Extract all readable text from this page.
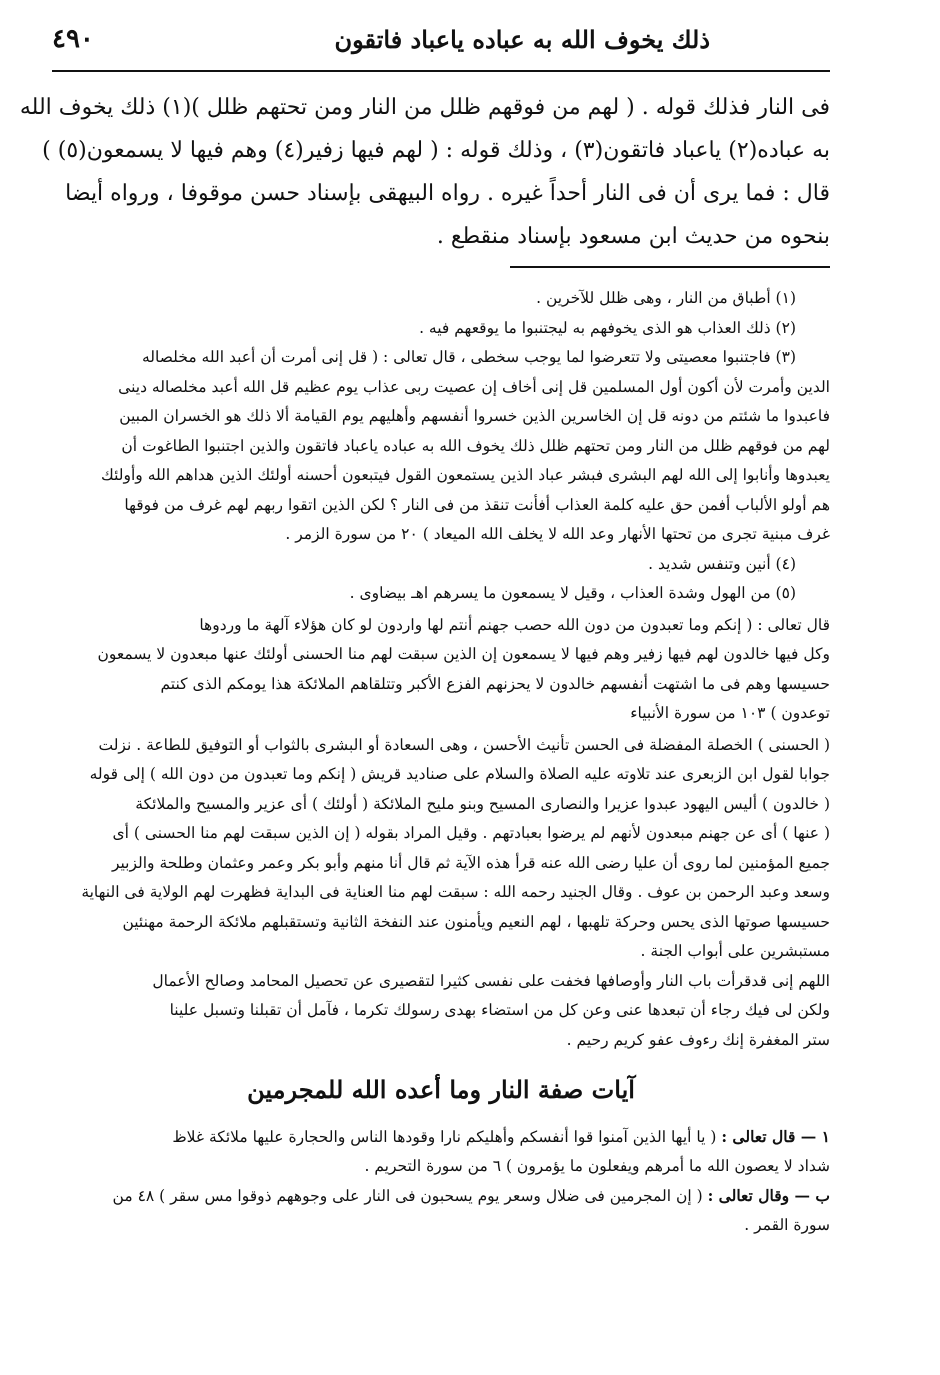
ذلك يخوف الله به عباده ياعباد فاتقون
٤٩٠
فى النار فذلك قوله . ( لهم من فوقهم ظلل من النار ومن تحتهم ظلل )(١) ذلك يخوف الله
به عباده(٢) ياعباد فاتقون(٣) ، وذلك قوله : ( لهم فيها زفير(٤) وهم فيها لا يسمعون(٥) )
قال : فما يرى أن فى النار أحداً غيره . رواه البيهقى بإسناد حسن موقوفا ، ورواه أيضا
بنحوه من حديث ابن مسعود بإسناد منقطع .

(١) أطباق من النار ، وهى ظلل للآخرين .

(٢) ذلك العذاب هو الذى يخوفهم به ليجتنبوا ما يوقعهم فيه .

(٣) فاجتنبوا معصيتى ولا تتعرضوا لما يوجب سخطى ، قال تعالى : ( قل إنى أمرت أن أعبد الله مخلصاله
الدين وأمرت لأن أكون أول المسلمين قل إنى أخاف إن عصيت ربى عذاب يوم عظيم قل الله أعبد مخلصاله دينى
فاعبدوا ما شئتم من دونه قل إن الخاسرين الذين خسروا أنفسهم وأهليهم يوم القيامة ألا ذلك هو الخسران المبين
لهم من فوقهم ظلل من النار ومن تحتهم ظلل ذلك يخوف الله به عباده ياعباد فاتقون والذين اجتنبوا الطاغوت أن
يعبدوها وأنابوا إلى الله لهم البشرى فبشر عباد الذين يستمعون القول فيتبعون أحسنه أولئك الذين هداهم الله وأولئك
هم أولو الألباب أفمن حق عليه كلمة العذاب أفأنت تنقذ من فى النار ؟ لكن الذين اتقوا ربهم لهم غرف من فوقها
غرف مبنية تجرى من تحتها الأنهار وعد الله لا يخلف الله الميعاد ) ٢٠ من سورة الزمر .

(٤) أنين وتنفس شديد .

(٥) من الهول وشدة العذاب ، وقيل لا يسمعون ما يسرهم اهـ بيضاوى .

قال تعالى : ( إنكم وما تعبدون من دون الله حصب جهنم أنتم لها واردون لو كان هؤلاء آلهة ما وردوها
وكل فيها خالدون لهم فيها زفير وهم فيها لا يسمعون إن الذين سبقت لهم منا الحسنى أولئك عنها مبعدون لا يسمعون
حسيسها وهم فى ما اشتهت أنفسهم خالدون لا يحزنهم الفزع الأكبر وتتلقاهم الملائكة هذا يومكم الذى كنتم
توعدون ) ١٠٣ من سورة الأنبياء
( الحسنى ) الخصلة المفضلة فى الحسن تأنيث الأحسن ، وهى السعادة أو البشرى بالثواب أو التوفيق للطاعة . نزلت
جوابا لقول ابن الزبعرى عند تلاوته عليه الصلاة والسلام على صناديد قريش ( إنكم وما تعبدون من دون الله ) إلى قوله
( خالدون ) أليس اليهود عبدوا عزيرا والنصارى المسيح وبنو مليح الملائكة ( أولئك ) أى عزير والمسيح والملائكة
( عنها ) أى عن جهنم مبعدون لأنهم لم يرضوا بعبادتهم . وقيل المراد بقوله ( إن الذين سبقت لهم منا الحسنى ) أى
جميع المؤمنين لما روى أن عليا رضى الله عنه قرأ هذه الآية ثم قال أنا منهم وأبو بكر وعمر وعثمان وطلحة والزبير
وسعد وعبد الرحمن بن عوف . وقال الجنيد رحمه الله : سبقت لهم منا العناية فى البداية فظهرت لهم الولاية فى النهاية
حسيسها صوتها الذى يحس وحركة تلهبها ، لهم النعيم ويأمنون عند النفخة الثانية وتستقبلهم ملائكة الرحمة مهنئين
مستبشرين على أبواب الجنة .
اللهم إنى قدقرأت باب النار وأوصافها فخفت على نفسى كثيرا لتقصيرى عن تحصيل المحامد وصالح الأعمال
ولكن لى فيك رجاء أن تبعدها عنى وعن كل من استضاء بهدى رسولك تكرما ، فآمل أن تقبلنا وتسبل علينا
ستر المغفرة إنك رءوف عفو كريم رحيم .
آيات صفة النار وما أعده الله للمجرمين
١ — قال تعالى : ( يا أيها الذين آمنوا قوا أنفسكم وأهليكم نارا وقودها الناس والحجارة عليها ملائكة غلاظ
شداد لا يعصون الله ما أمرهم ويفعلون ما يؤمرون ) ٦ من سورة التحريم .
ب — وقال تعالى : ( إن المجرمين فى ضلال وسعر يوم يسحبون فى النار على وجوههم ذوقوا مس سقر ) ٤٨ من
سورة القمر .
